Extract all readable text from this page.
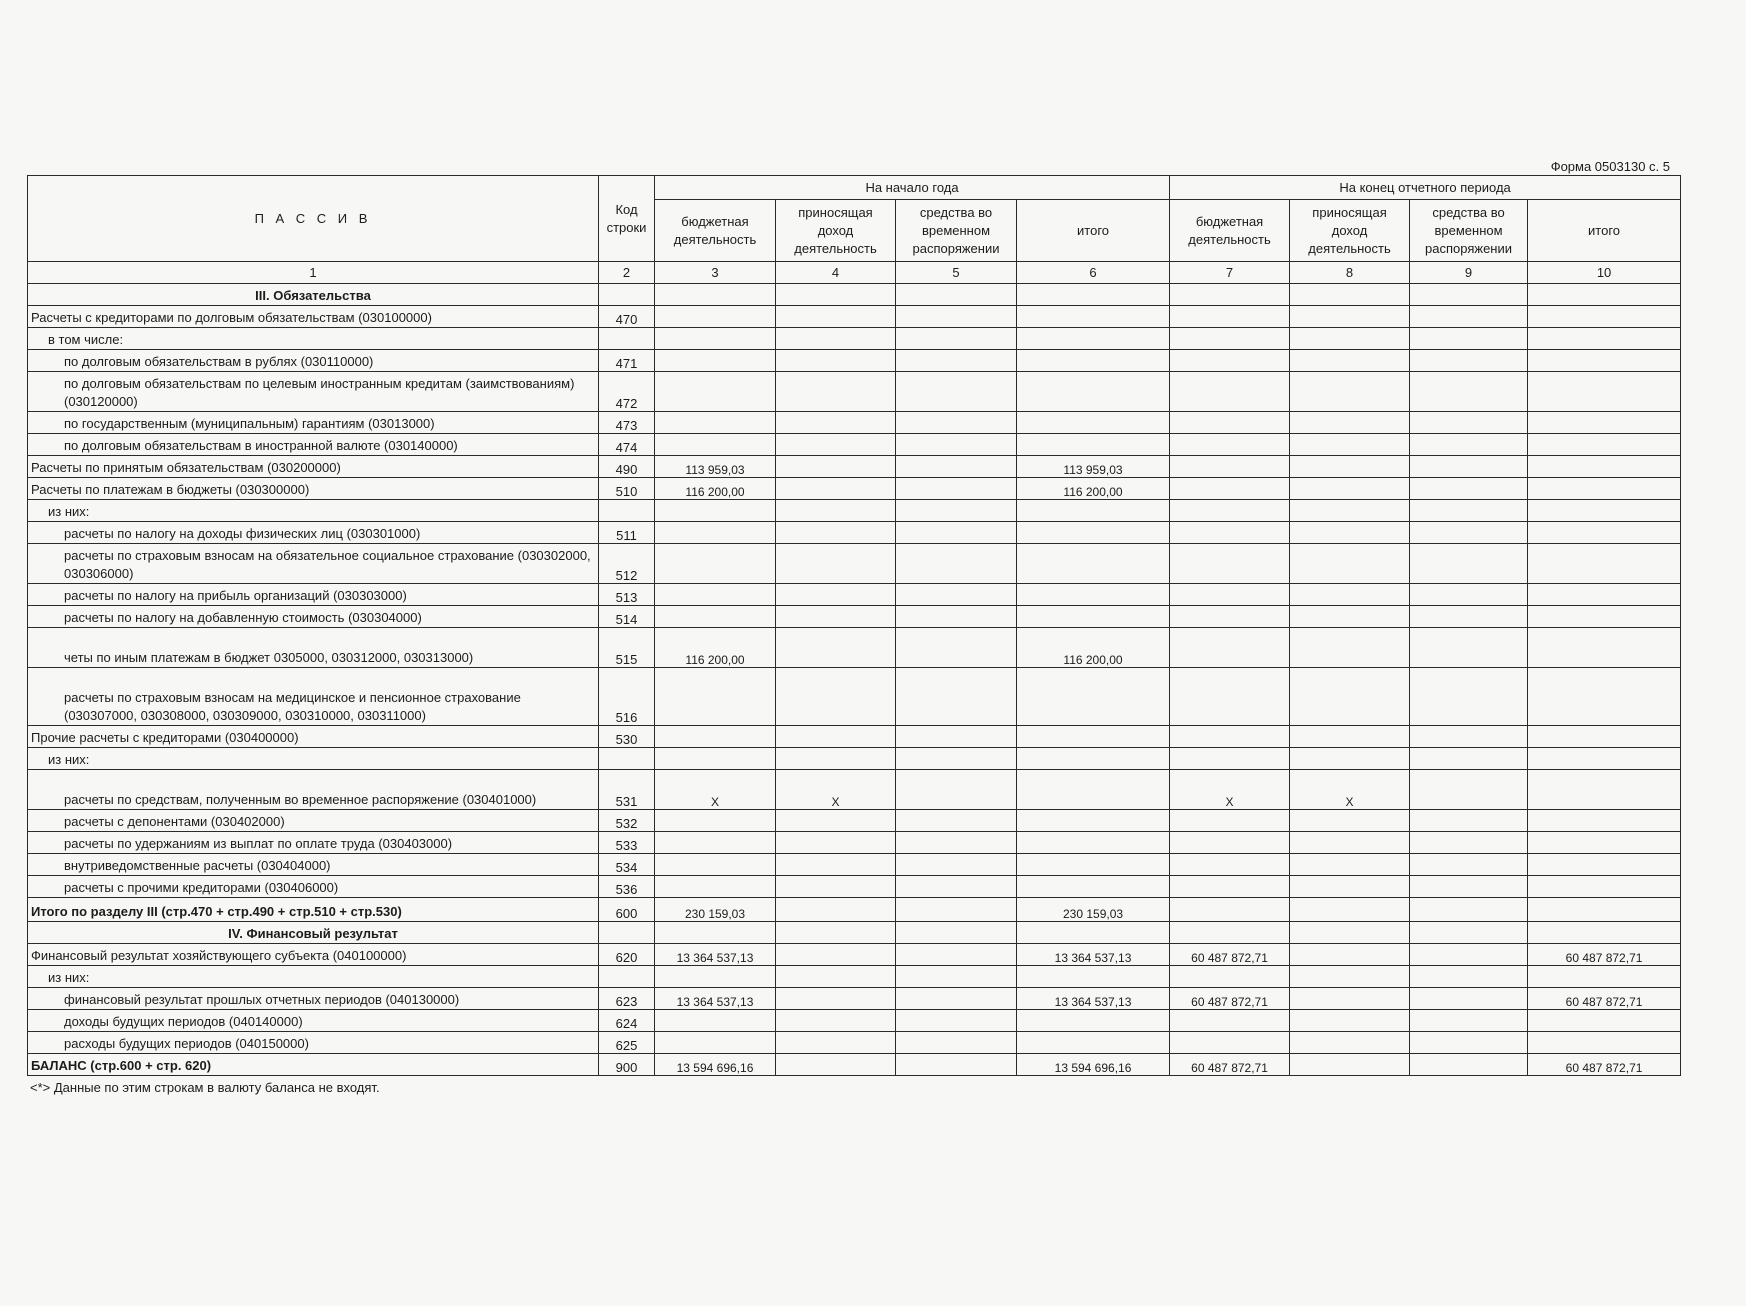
Форма 0503130 с. 5
П А С С И В	Код строки	На начало года				На конец отчетного периода			
		бюджетная деятельность	приносящая доход деятельность	средства во временном распоряжении	итого	бюджетная деятельность	приносящая доход деятельность	средства во временном распоряжении	итого
1	2	3	4	5	6	7	8	9	10
III. Обязательства									
Расчеты с кредиторами по долговым обязательствам (030100000)	470								
в том числе:									
по долговым обязательствам в рублях (030110000)	471								
по долговым обязательствам по целевым иностранным кредитам (заимствованиям) (030120000)	472								
по государственным (муниципальным) гарантиям (03013000)	473								
по долговым обязательствам в иностранной валюте (030140000)	474								
Расчеты по принятым обязательствам (030200000)	490	113 959,03			113 959,03				
Расчеты по платежам в бюджеты (030300000)	510	116 200,00			116 200,00				
из них:									
расчеты по налогу на доходы физических лиц (030301000)	511								
расчеты по страховым взносам на обязательное социальное страхование (030302000, 030306000)	512								
расчеты по налогу на прибыль организаций (030303000)	513								
расчеты по налогу на добавленную стоимость (030304000)	514								
четы по иным платежам в бюджет 0305000, 030312000, 030313000)	515	116 200,00			116 200,00				
расчеты по страховым взносам на медицинское и пенсионное страхование (030307000, 030308000, 030309000, 030310000, 030311000)	516								
Прочие расчеты с кредиторами (030400000)	530								
из них:									
расчеты по средствам, полученным во временное распоряжение (030401000)	531	X	X			X	X		
расчеты с депонентами (030402000)	532								
расчеты по удержаниям из выплат по оплате труда (030403000)	533								
внутриведомственные расчеты (030404000)	534								
расчеты с прочими кредиторами (030406000)	536								
Итого по разделу III (стр.470 + стр.490 + стр.510 + стр.530)	600	230 159,03			230 159,03				
IV. Финансовый результат									
Финансовый результат хозяйствующего субъекта (040100000)	620	13 364 537,13			13 364 537,13	60 487 872,71			60 487 872,71
из них:									
финансовый результат прошлых отчетных периодов (040130000)	623	13 364 537,13			13 364 537,13	60 487 872,71			60 487 872,71
доходы будущих периодов (040140000)	624								
расходы будущих периодов (040150000)	625								
БАЛАНС (стр.600 + стр. 620)	900	13 594 696,16			13 594 696,16	60 487 872,71			60 487 872,71
<*> Данные по этим строкам в валюту баланса не входят.
